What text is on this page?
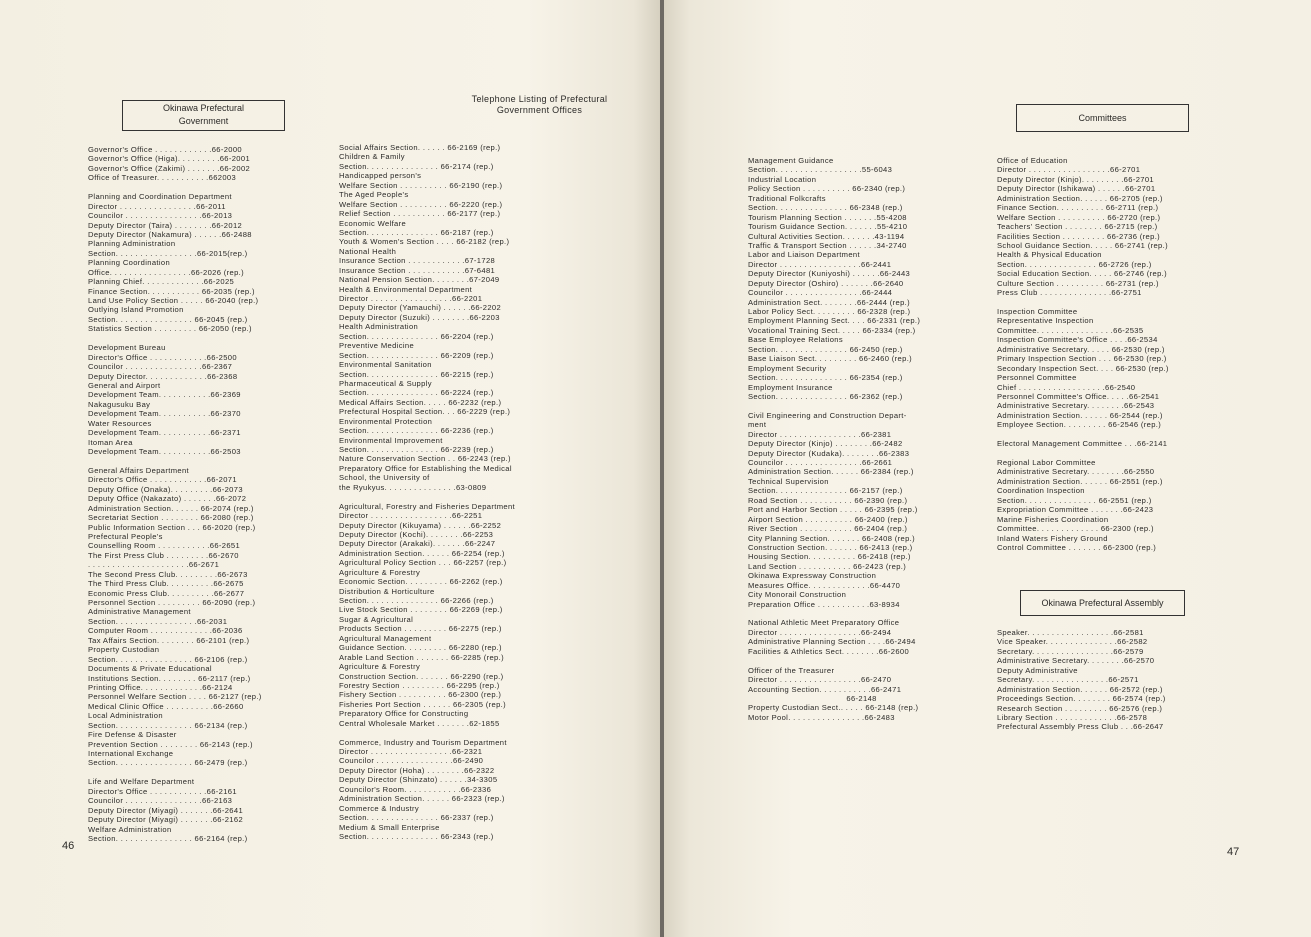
Okinawa Prefectural
Government
Telephone Listing of Prefectural
Government Offices
Governor's Office . . . . . . . . . . . .66-2000
Governor's Office (Higa). . . . . . . . .66-2001
Governor's Office (Zakimi) . . . . . . .66-2002
Office of Treasurer. . . . . . . . . . .662003
Planning and Coordination Department
Director . . . . . . . . . . . . . . . .66-2011
Councilor . . . . . . . . . . . . . . . .66-2013
Deputy Director (Taira) . . . . . . . .66-2012
Deputy Director (Nakamura) . . . . . .66-2488
Planning Administration
Section. . . . . . . . . . . . . . . . .66-2015(rep.)
Planning Coordination
Office. . . . . . . . . . . . . . . . .66-2026 (rep.)
Planning Chief. . . . . . . . . . . . .66-2025
Finance Section. . . . . . . . . . . 66-2035 (rep.)
Land Use Policy Section . . . . . 66-2040 (rep.)
Outlying Island Promotion
Section. . . . . . . . . . . . . . . . 66-2045 (rep.)
Statistics Section . . . . . . . . . 66-2050 (rep.)
Development Bureau
Director's Office . . . . . . . . . . . .66-2500
Councilor . . . . . . . . . . . . . . . .66-2367
Deputy Director. . . . . . . . . . . . .66-2368
General and Airport
Development Team. . . . . . . . . . .66-2369
Nakagusuku Bay
Development Team. . . . . . . . . . .66-2370
Water Resources
Development Team. . . . . . . . . . .66-2371
Itoman Area
Development Team. . . . . . . . . . .66-2503
General Affairs Department
Director's Office . . . . . . . . . . . .66-2071
Deputy Office (Onaka). . . . . . . . .66-2073
Deputy Office (Nakazato) . . . . . . .66-2072
Administration Section. . . . . . 66-2074 (rep.)
Secretariat Section . . . . . . . . 66-2080 (rep.)
Public Information Section . . . 66-2020 (rep.)
Prefectural People's
Counselling Room . . . . . . . . . . .66-2651
The First Press Club . . . . . . . . .66-2670
. . . . . . . . . . . . . . . . . . . . .66-2671
The Second Press Club. . . . . . . . .66-2673
The Third Press Club. . . . . . . . . .66-2675
Economic Press Club. . . . . . . . . .66-2677
Personnel Section . . . . . . . . . 66-2090 (rep.)
Administrative Management
Section. . . . . . . . . . . . . . . . .66-2031
Computer Room . . . . . . . . . . . . .66-2036
Tax Affairs Section. . . . . . . . 66-2101 (rep.)
Property Custodian
Section. . . . . . . . . . . . . . . . 66-2106 (rep.)
Documents & Private Educational
Institutions Section. . . . . . . . 66-2117 (rep.)
Printing Office. . . . . . . . . . . . .66-2124
Personnel Welfare Section . . . . 66-2127 (rep.)
Medical Clinic Office . . . . . . . . . .66-2660
Local Administration
Section. . . . . . . . . . . . . . . . 66-2134 (rep.)
Fire Defense & Disaster
Prevention Section . . . . . . . . 66-2143 (rep.)
International Exchange
Section. . . . . . . . . . . . . . . . 66-2479 (rep.)
Life and Welfare Department
Director's Office . . . . . . . . . . . .66-2161
Councilor . . . . . . . . . . . . . . . .66-2163
Deputy Director (Miyagi) . . . . . . .66-2641
Deputy Director (Miyagi) . . . . . . .66-2162
Welfare Administration
Section. . . . . . . . . . . . . . . . 66-2164 (rep.)
Social Affairs Section. . . . . . 66-2169 (rep.)
Children & Family
Section. . . . . . . . . . . . . . . 66-2174 (rep.)
Handicapped person's
Welfare Section . . . . . . . . . . 66-2190 (rep.)
The Aged People's
Welfare Section . . . . . . . . . . 66-2220 (rep.)
Relief Section . . . . . . . . . . . 66-2177 (rep.)
Economic Welfare
Section. . . . . . . . . . . . . . . 66-2187 (rep.)
Youth & Women's Section . . . . 66-2182 (rep.)
National Health
Insurance Section . . . . . . . . . . . .67-1728
Insurance Section . . . . . . . . . . . .67-6481
National Pension Section. . . . . . . .67-2049
Health & Environmental Department
Director . . . . . . . . . . . . . . . . .66-2201
Deputy Director (Yamauchi) . . . . . .66-2202
Deputy Director (Suzuki) . . . . . . . .66-2203
Health Administration
Section. . . . . . . . . . . . . . . 66-2204 (rep.)
Preventive Medicine
Section. . . . . . . . . . . . . . . 66-2209 (rep.)
Environmental Sanitation
Section. . . . . . . . . . . . . . . 66-2215 (rep.)
Pharmaceutical & Supply
Section. . . . . . . . . . . . . . . 66-2224 (rep.)
Medical Affairs Section. . . . . 66-2232 (rep.)
Prefectural Hospital Section. . . 66-2229 (rep.)
Environmental Protection
Section. . . . . . . . . . . . . . . 66-2236 (rep.)
Environmental Improvement
Section. . . . . . . . . . . . . . . 66-2239 (rep.)
Nature Conservation Section . . 66-2243 (rep.)
Preparatory Office for Establishing the Medical
School, the University of
the Ryukyus. . . . . . . . . . . . . . .63-0809
Agricultural, Forestry and Fisheries Department
Director . . . . . . . . . . . . . . . . .66-2251
Deputy Director (Kikuyama) . . . . . .66-2252
Deputy Director (Kochi). . . . . . . .66-2253
Deputy Director (Arakaki). . . . . . .66-2247
Administration Section. . . . . . 66-2254 (rep.)
Agricultural Policy Section . . . 66-2257 (rep.)
Agriculture & Forestry
Economic Section. . . . . . . . . 66-2262 (rep.)
Distribution & Horticulture
Section. . . . . . . . . . . . . . . 66-2266 (rep.)
Live Stock Section . . . . . . . . 66-2269 (rep.)
Sugar & Agricultural
Products Section . . . . . . . . . 66-2275 (rep.)
Agricultural Management
Guidance Section. . . . . . . . . 66-2280 (rep.)
Arable Land Section . . . . . . . 66-2285 (rep.)
Agriculture & Forestry
Construction Section. . . . . . . 66-2290 (rep.)
Forestry Section . . . . . . . . . 66-2295 (rep.)
Fishery Section . . . . . . . . . . 66-2300 (rep.)
Fisheries Port Section . . . . . . 66-2305 (rep.)
Preparatory Office for Constructing
Central Wholesale Market . . . . . . .62-1855
Commerce, Industry and Tourism Department
Director . . . . . . . . . . . . . . . . .66-2321
Councilor . . . . . . . . . . . . . . . .66-2490
Deputy Director (Hoha) . . . . . . . .66-2322
Deputy Director (Shinzato) . . . . . .34-3305
Councilor's Room. . . . . . . . . . . .66-2336
Administration Section. . . . . . 66-2323 (rep.)
Commerce & Industry
Section. . . . . . . . . . . . . . . 66-2337 (rep.)
Medium & Small Enterprise
Section. . . . . . . . . . . . . . . 66-2343 (rep.)
46
Committees
Management Guidance
Section. . . . . . . . . . . . . . . . . .55-6043
Industrial Location
Policy Section . . . . . . . . . . 66-2340 (rep.)
Traditional Folkcrafts
Section. . . . . . . . . . . . . . . 66-2348 (rep.)
Tourism Planning Section . . . . . . .55-4208
Tourism Guidance Section. . . . . . .55-4210
Cultural Activities Section. . . . . . .43-1194
Traffic & Transport Section . . . . . .34-2740
Labor and Liaison Department
Director . . . . . . . . . . . . . . . . .66-2441
Deputy Director (Kuniyoshi) . . . . . .66-2443
Deputy Director (Oshiro) . . . . . . .66-2640
Councilor . . . . . . . . . . . . . . . .66-2444
Administration Sect. . . . . . . .66-2444 (rep.)
Labor Policy Sect. . . . . . . . . 66-2328 (rep.)
Employment Planning Sect. . . . 66-2331 (rep.)
Vocational Training Sect. . . . . 66-2334 (rep.)
Base Employee Relations
Section. . . . . . . . . . . . . . . 66-2450 (rep.)
Base Liaison Sect. . . . . . . . . 66-2460 (rep.)
Employment Security
Section. . . . . . . . . . . . . . . 66-2354 (rep.)
Employment Insurance
Section. . . . . . . . . . . . . . . 66-2362 (rep.)
Civil Engineering and Construction Depart-
ment
Director . . . . . . . . . . . . . . . . .66-2381
Deputy Director (Kinjo) . . . . . . . .66-2482
Deputy Director (Kudaka). . . . . . . .66-2383
Councilor . . . . . . . . . . . . . . . .66-2661
Administration Section. . . . . . 66-2384 (rep.)
Technical Supervision
Section. . . . . . . . . . . . . . . 66-2157 (rep.)
Road Section . . . . . . . . . . . 66-2390 (rep.)
Port and Harbor Section . . . . . 66-2395 (rep.)
Airport Section . . . . . . . . . . 66-2400 (rep.)
River Section . . . . . . . . . . . 66-2404 (rep.)
City Planning Section. . . . . . . 66-2408 (rep.)
Construction Section. . . . . . . 66-2413 (rep.)
Housing Section. . . . . . . . . . 66-2418 (rep.)
Land Section . . . . . . . . . . . 66-2423 (rep.)
Okinawa Expressway Construction
Measures Office. . . . . . . . . . . . .66-4470
City Monorail Construction
Preparation Office . . . . . . . . . . .63-8934
National Athletic Meet Preparatory Office
Director . . . . . . . . . . . . . . . . .66-2494
Administrative Planning Section . . . .66-2494
Facilities & Athletics Sect. . . . . . . .66-2600
Officer of the Treasurer
Director . . . . . . . . . . . . . . . . .66-2470
Accounting Section. . . . . . . . . . .66-2471
66-2148
Property Custodian Sect.. . . . . 66-2148 (rep.)
Motor Pool. . . . . . . . . . . . . . . .66-2483
Office of Education
Director . . . . . . . . . . . . . . . . .66-2701
Deputy Director (Kinjo). . . . . . . . .66-2701
Deputy Director (Ishikawa) . . . . . .66-2701
Administration Section. . . . . . 66-2705 (rep.)
Finance Section. . . . . . . . . . 66-2711 (rep.)
Welfare Section . . . . . . . . . . 66-2720 (rep.)
Teachers' Section . . . . . . . . 66-2715 (rep.)
Facilities Section . . . . . . . . . 66-2736 (rep.)
School Guidance Section. . . . . 66-2741 (rep.)
Health & Physical Education
Section. . . . . . . . . . . . . . . 66-2726 (rep.)
Social Education Section. . . . . 66-2746 (rep.)
Culture Section . . . . . . . . . . 66-2731 (rep.)
Press Club . . . . . . . . . . . . . . .66-2751
Inspection Committee
Representative Inspection
Committee. . . . . . . . . . . . . . . .66-2535
Inspection Committee's Office . . . .66-2534
Administrative Secretary. . . . . 66-2530 (rep.)
Primary Inspection Section . . . 66-2530 (rep.)
Secondary Inspection Sect. . . . 66-2530 (rep.)
Personnel Committee
Chief . . . . . . . . . . . . . . . . . .66-2540
Personnel Committee's Office. . . . .66-2541
Administrative Secretary. . . . . . . .66-2543
Administration Section. . . . . . 66-2544 (rep.)
Employee Section. . . . . . . . . 66-2546 (rep.)
Electoral Management Committee . . .66-2141
Regional Labor Committee
Administrative Secretary. . . . . . . .66-2550
Administration Section. . . . . . 66-2551 (rep.)
Coordination Inspection
Section. . . . . . . . . . . . . . . 66-2551 (rep.)
Expropriation Committee . . . . . . .66-2423
Marine Fisheries Coordination
Committee. . . . . . . . . . . . . 66-2300 (rep.)
Inland Waters Fishery Ground
Control Committee . . . . . . . 66-2300 (rep.)
Okinawa Prefectural Assembly
Speaker. . . . . . . . . . . . . . . . . .66-2581
Vice Speaker. . . . . . . . . . . . . . .66-2582
Secretary. . . . . . . . . . . . . . . . .66-2579
Administrative Secretary. . . . . . . .66-2570
Deputy Administrative
Secretary. . . . . . . . . . . . . . . .66-2571
Administration Section. . . . . . 66-2572 (rep.)
Proceedings Section. . . . . . . . 66-2574 (rep.)
Research Section . . . . . . . . . 66-2576 (rep.)
Library Section . . . . . . . . . . . . .66-2578
Prefectural Assembly Press Club . . .66-2647
47
